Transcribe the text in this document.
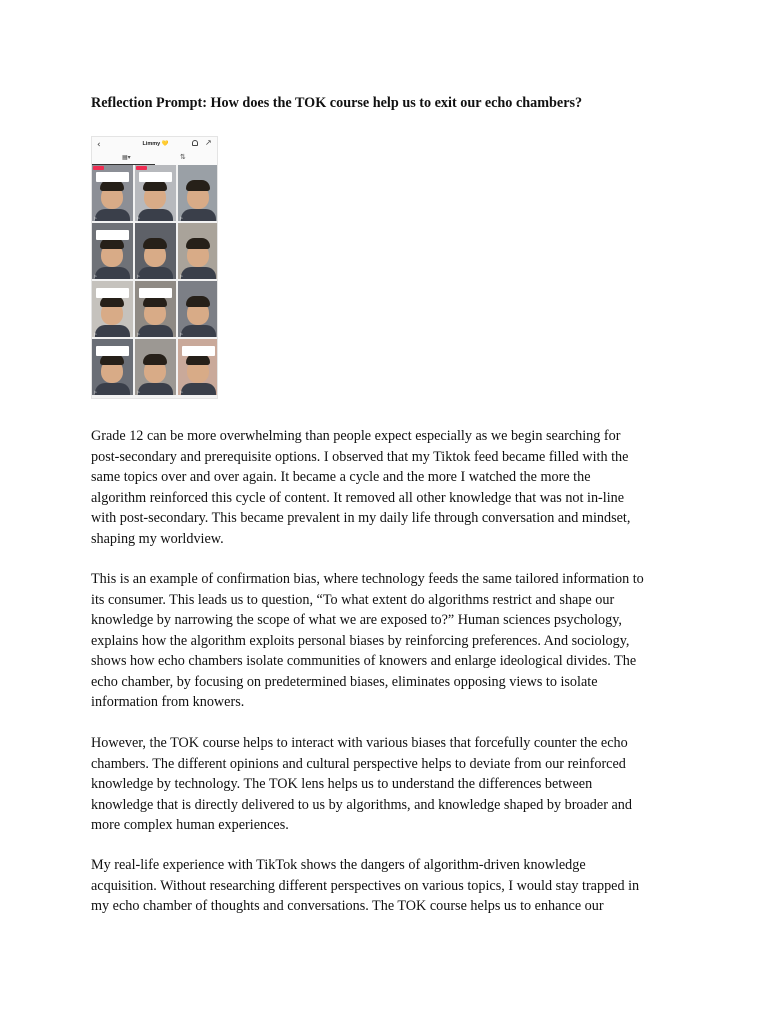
Reflection Prompt: How does the TOK course help us to exit our echo chambers?
‹	Limmy 💛	↗
▦▾	⇅
▷	▷	▷
▷	▷	▷
▷	▷	▷
▷	▷	▷
Grade 12 can be more overwhelming than people expect especially as we begin searching for
post-secondary and prerequisite options. I observed that my Tiktok feed became filled with the
same topics over and over again. It became a cycle and the more I watched the more the
algorithm reinforced this cycle of content. It removed all other knowledge that was not in-line
with post-secondary. This became prevalent in my daily life through conversation and mindset,
shaping my worldview.
This is an example of confirmation bias, where technology feeds the same tailored information to
its consumer. This leads us to question, “To what extent do algorithms restrict and shape our
knowledge by narrowing the scope of what we are exposed to?” Human sciences psychology,
explains how the algorithm exploits personal biases by reinforcing preferences. And sociology,
shows how echo chambers isolate communities of knowers and enlarge ideological divides. The
echo chamber, by focusing on predetermined biases, eliminates opposing views to isolate
information from knowers.
However, the TOK course helps to interact with various biases that forcefully counter the echo
chambers. The different opinions and cultural perspective helps to deviate from our reinforced
knowledge by technology. The TOK lens helps us to understand the differences between
knowledge that is directly delivered to us by algorithms, and knowledge shaped by broader and
more complex human experiences.
My real-life experience with TikTok shows the dangers of algorithm-driven knowledge
acquisition. Without researching different perspectives on various topics, I would stay trapped in
my echo chamber of thoughts and conversations. The TOK course helps us to enhance our
